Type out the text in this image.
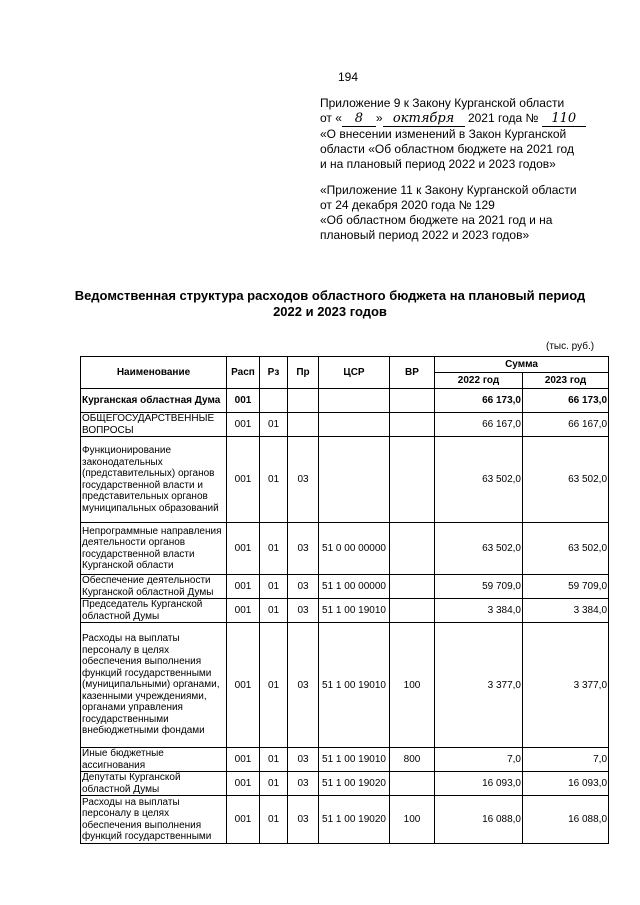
194
Приложение 9 к Закону Курганской области
от « 8 » октября 2021 года № 110
«О внесении изменений в Закон Курганской
области «Об областном бюджете на 2021 год
и на плановый период 2022 и 2023 годов»
«Приложение 11 к Закону Курганской области
от 24 декабря 2020 года № 129
«Об областном бюджете на 2021 год и на
плановый период 2022 и 2023 годов»
Ведомственная структура расходов областного бюджета на плановый период
2022 и 2023 годов
(тыс. руб.)
Наименование	Расп	Рз	Пр	ЦСР	ВР	Сумма	
						2022 год	2023 год
Курганская областная Дума	001					66 173,0	66 173,0
ОБЩЕГОСУДАРСТВЕННЫЕ ВОПРОСЫ	001	01				66 167,0	66 167,0
Функционирование законодательных (представительных) органов государственной власти и представительных органов муниципальных образований	001	01	03			63 502,0	63 502,0
Непрограммные направления деятельности органов государственной власти Курганской области	001	01	03	51 0 00 00000		63 502,0	63 502,0
Обеспечение деятельности Курганской областной Думы	001	01	03	51 1 00 00000		59 709,0	59 709,0
Председатель Курганской областной Думы	001	01	03	51 1 00 19010		3 384,0	3 384,0
Расходы на выплаты персоналу в целях обеспечения выполнения функций государственными (муниципальными) органами, казенными учреждениями, органами управления государственными внебюджетными фондами	001	01	03	51 1 00 19010	100	3 377,0	3 377,0
Иные бюджетные ассигнования	001	01	03	51 1 00 19010	800	7,0	7,0
Депутаты Курганской областной Думы	001	01	03	51 1 00 19020		16 093,0	16 093,0
Расходы на выплаты персоналу в целях обеспечения выполнения функций государственными	001	01	03	51 1 00 19020	100	16 088,0	16 088,0
